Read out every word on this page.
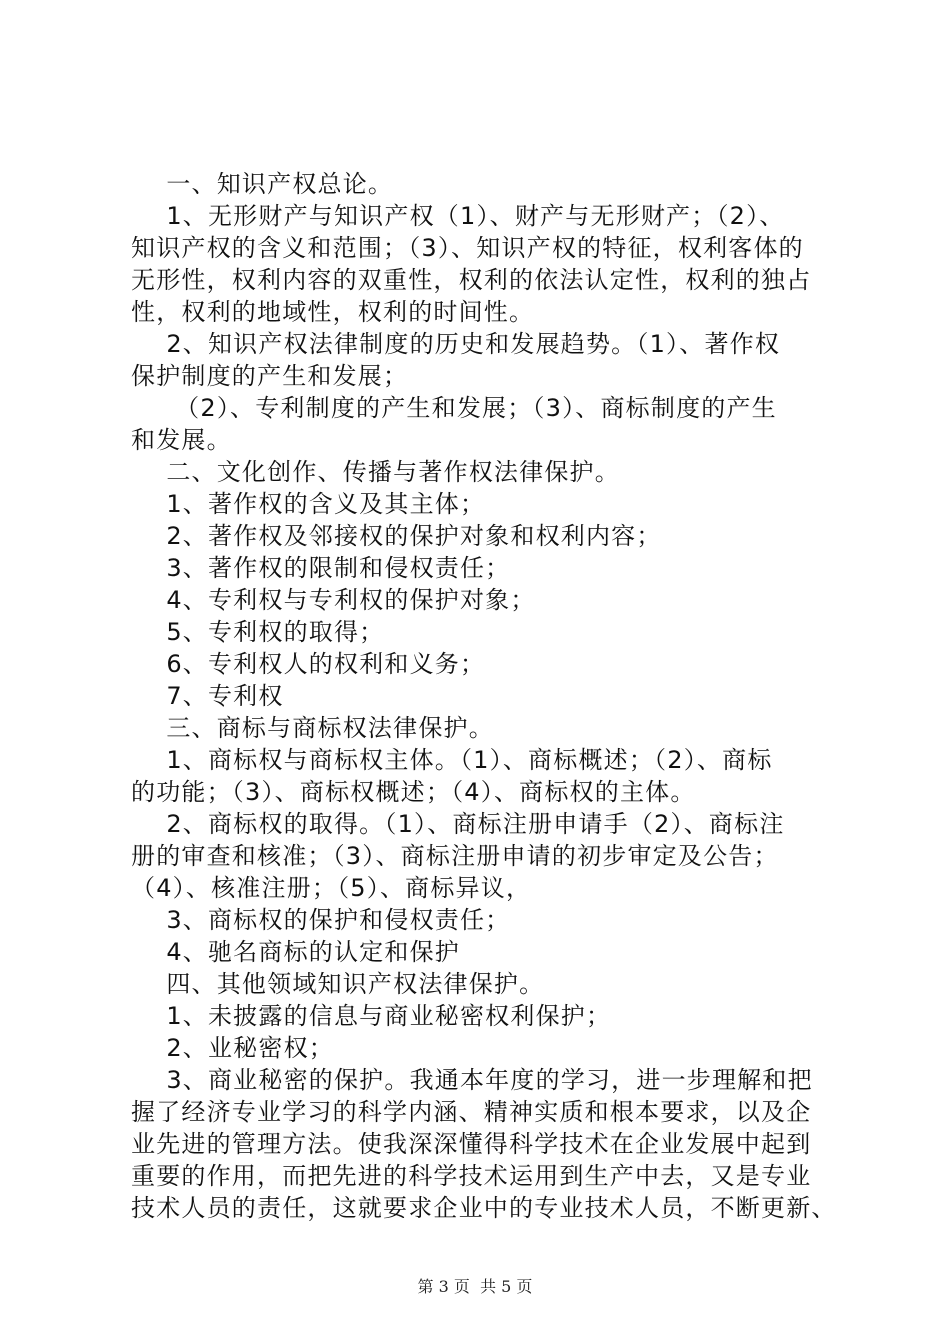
一、知识产权总论。
1、无形财产与知识产权（1）、财产与无形财产；（2）、
知识产权的含义和范围；（3）、知识产权的特征，权利客体的
无形性，权利内容的双重性，权利的依法认定性，权利的独占
性，权利的地域性，权利的时间性。
2、知识产权法律制度的历史和发展趋势。（1）、著作权
保护制度的产生和发展；
（2）、专利制度的产生和发展；（3）、商标制度的产生
和发展。
二、文化创作、传播与著作权法律保护。
1、著作权的含义及其主体；
2、著作权及邻接权的保护对象和权利内容；
3、著作权的限制和侵权责任；
4、专利权与专利权的保护对象；
5、专利权的取得；
6、专利权人的权利和义务；
7、专利权
三、商标与商标权法律保护。
1、商标权与商标权主体。（1）、商标概述；（2）、商标
的功能；（3）、商标权概述；（4）、商标权的主体。
2、商标权的取得。（1）、商标注册申请手（2）、商标注
册的审查和核准；（3）、商标注册申请的初步审定及公告；
（4）、核准注册；（5）、商标异议，
3、商标权的保护和侵权责任；
4、驰名商标的认定和保护
四、其他领域知识产权法律保护。
1、未披露的信息与商业秘密权利保护；
2、业秘密权；
3、商业秘密的保护。我通本年度的学习，进一步理解和把
握了经济专业学习的科学内涵、精神实质和根本要求，以及企
业先进的管理方法。使我深深懂得科学技术在企业发展中起到
重要的作用，而把先进的科学技术运用到生产中去，又是专业
技术人员的责任，这就要求企业中的专业技术人员，不断更新、
第 3 页  共 5 页
